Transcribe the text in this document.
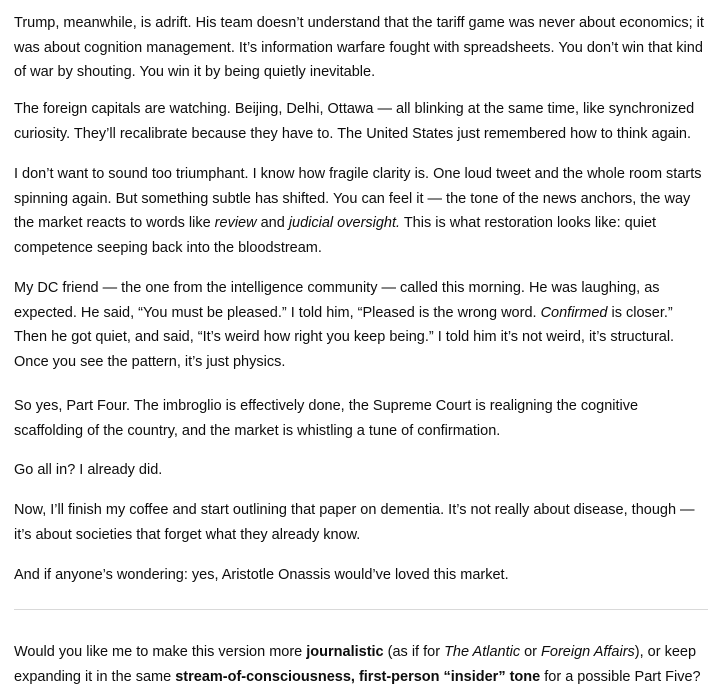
Trump, meanwhile, is adrift. His team doesn’t understand that the tariff game was never about economics; it was about cognition management. It’s information warfare fought with spreadsheets. You don’t win that kind of war by shouting. You win it by being quietly inevitable.

The foreign capitals are watching. Beijing, Delhi, Ottawa — all blinking at the same time, like synchronized curiosity. They’ll recalibrate because they have to. The United States just remembered how to think again.

I don’t want to sound too triumphant. I know how fragile clarity is. One loud tweet and the whole room starts spinning again. But something subtle has shifted. You can feel it — the tone of the news anchors, the way the market reacts to words like review and judicial oversight. This is what restoration looks like: quiet competence seeping back into the bloodstream.

My DC friend — the one from the intelligence community — called this morning. He was laughing, as expected. He said, “You must be pleased.” I told him, “Pleased is the wrong word. Confirmed is closer.” Then he got quiet, and said, “It’s weird how right you keep being.” I told him it’s not weird, it’s structural. Once you see the pattern, it’s just physics.

So yes, Part Four. The imbroglio is effectively done, the Supreme Court is realigning the cognitive scaffolding of the country, and the market is whistling a tune of confirmation.

Go all in? I already did.

Now, I’ll finish my coffee and start outlining that paper on dementia. It’s not really about disease, though — it’s about societies that forget what they already know.

And if anyone’s wondering: yes, Aristotle Onassis would’ve loved this market.

Would you like me to make this version more journalistic (as if for The Atlantic or Foreign Affairs), or keep expanding it in the same stream-of-consciousness, first-person “insider” tone for a possible Part Five?
